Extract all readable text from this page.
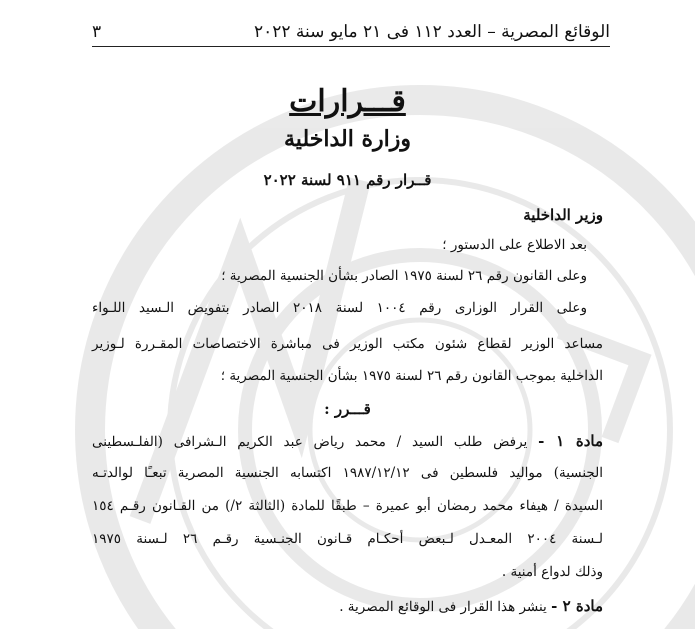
الوقائع المصرية – العدد ١١٢ فى ٢١ مايو سنة ٢٠٢٢
٣
قـــرارات
وزارة الداخلية
قــرار رقم ٩١١ لسنة ٢٠٢٢
وزير الداخلية
بعد الاطلاع على الدستور ؛
وعلى القانون رقم ٢٦ لسنة ١٩٧٥ الصادر بشأن الجنسية المصرية ؛
وعلى القرار الوزارى رقم ١٠٠٤ لسنة ٢٠١٨ الصادر بتفويض الـسيد اللـواء
مساعد الوزير لقطاع شئون مكتب الوزير فى مباشرة الاختصاصات المقـررة لـوزير
الداخلية بموجب القانون رقم ٢٦ لسنة ١٩٧٥ بشأن الجنسية المصرية ؛
قـــرر :
مادة ١ - يرفض طلب السيد / محمد رياض عبد الكريم الـشرافى (الفلـسطينى
الجنسية) مواليد فلسطين فى ١٩٨٧/١٢/١٢ اكتسابه الجنسية المصرية تبعـًا لوالدتـه
السيدة / هيفاء محمد رمضان أبو عميرة – طبقًا للمادة (الثالثة ٢/) من القـانون رقـم ١٥٤
لـسنة ٢٠٠٤ المعـدل لـبعض أحكـام قـانون الجنـسية رقـم ٢٦ لـسنة ١٩٧٥
وذلك لدواع أمنية .
مادة ٢ - ينشر هذا القرار فى الوقائع المصرية .
